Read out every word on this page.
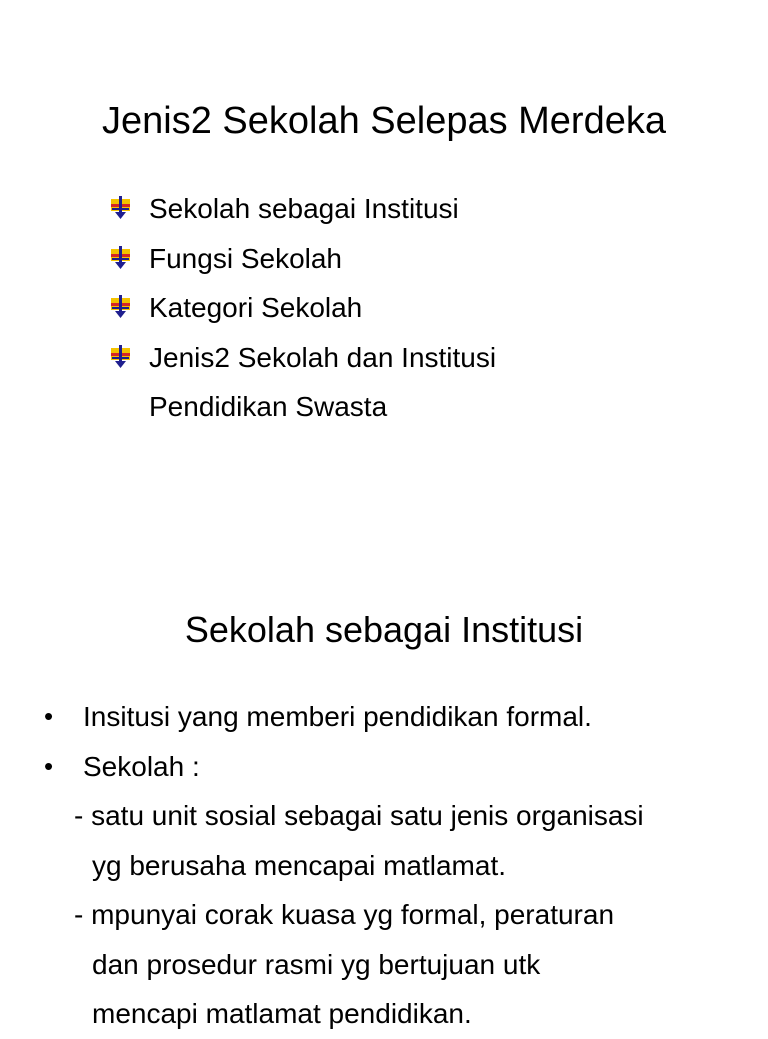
Jenis2 Sekolah Selepas Merdeka
Sekolah sebagai Institusi
Fungsi Sekolah
Kategori Sekolah
Jenis2 Sekolah dan Institusi
Pendidikan Swasta
Sekolah sebagai Institusi
• Insitusi yang memberi pendidikan formal.
• Sekolah :
- satu unit sosial sebagai satu jenis organisasi
yg berusaha mencapai matlamat.
- mpunyai corak kuasa yg formal, peraturan
dan prosedur rasmi yg bertujuan utk
mencapi matlamat pendidikan.
